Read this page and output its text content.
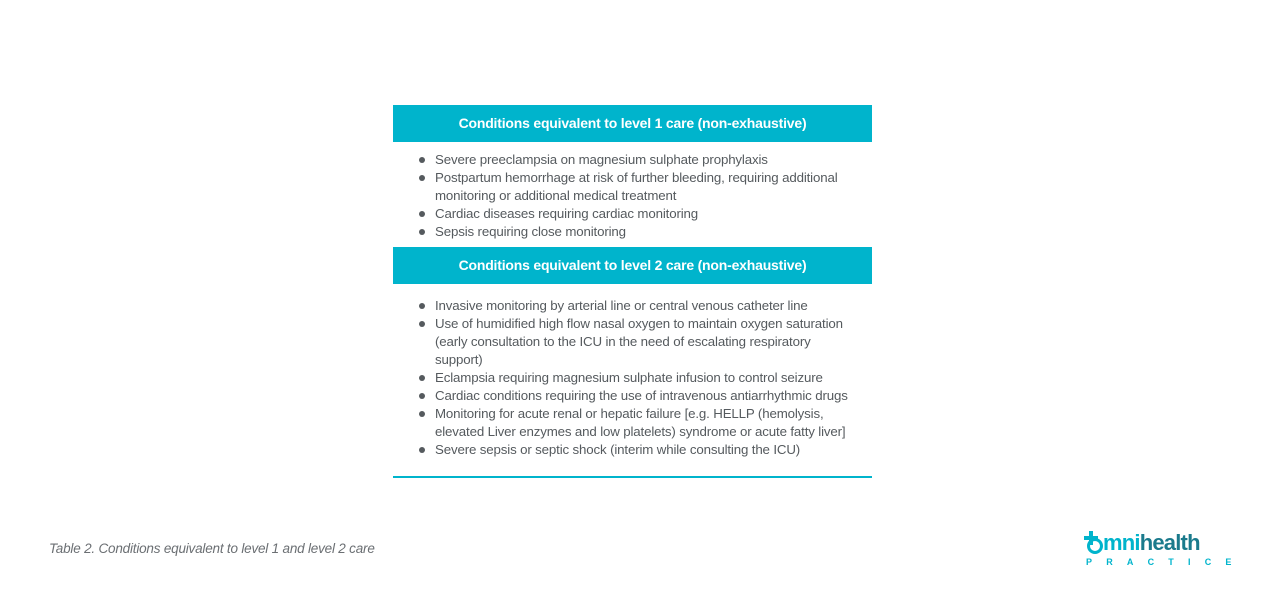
Conditions equivalent to level 1 care (non-exhaustive)
Severe preeclampsia on magnesium sulphate prophylaxis
Postpartum hemorrhage at risk of further bleeding, requiring additional monitoring or additional medical treatment
Cardiac diseases requiring cardiac monitoring
Sepsis requiring close monitoring
Conditions equivalent to level 2 care (non-exhaustive)
Invasive monitoring by arterial line or central venous catheter line
Use of humidified high flow nasal oxygen to maintain oxygen saturation (early consultation to the ICU in the need of escalating respiratory support)
Eclampsia requiring magnesium sulphate infusion to control seizure
Cardiac conditions requiring the use of intravenous antiarrhythmic drugs
Monitoring for acute renal or hepatic failure [e.g. HELLP (hemolysis, elevated Liver enzymes and low platelets) syndrome or acute fatty liver]
Severe sepsis or septic shock (interim while consulting the ICU)
Table 2. Conditions equivalent to level 1 and level 2 care	mnihealth
PRACTICE
